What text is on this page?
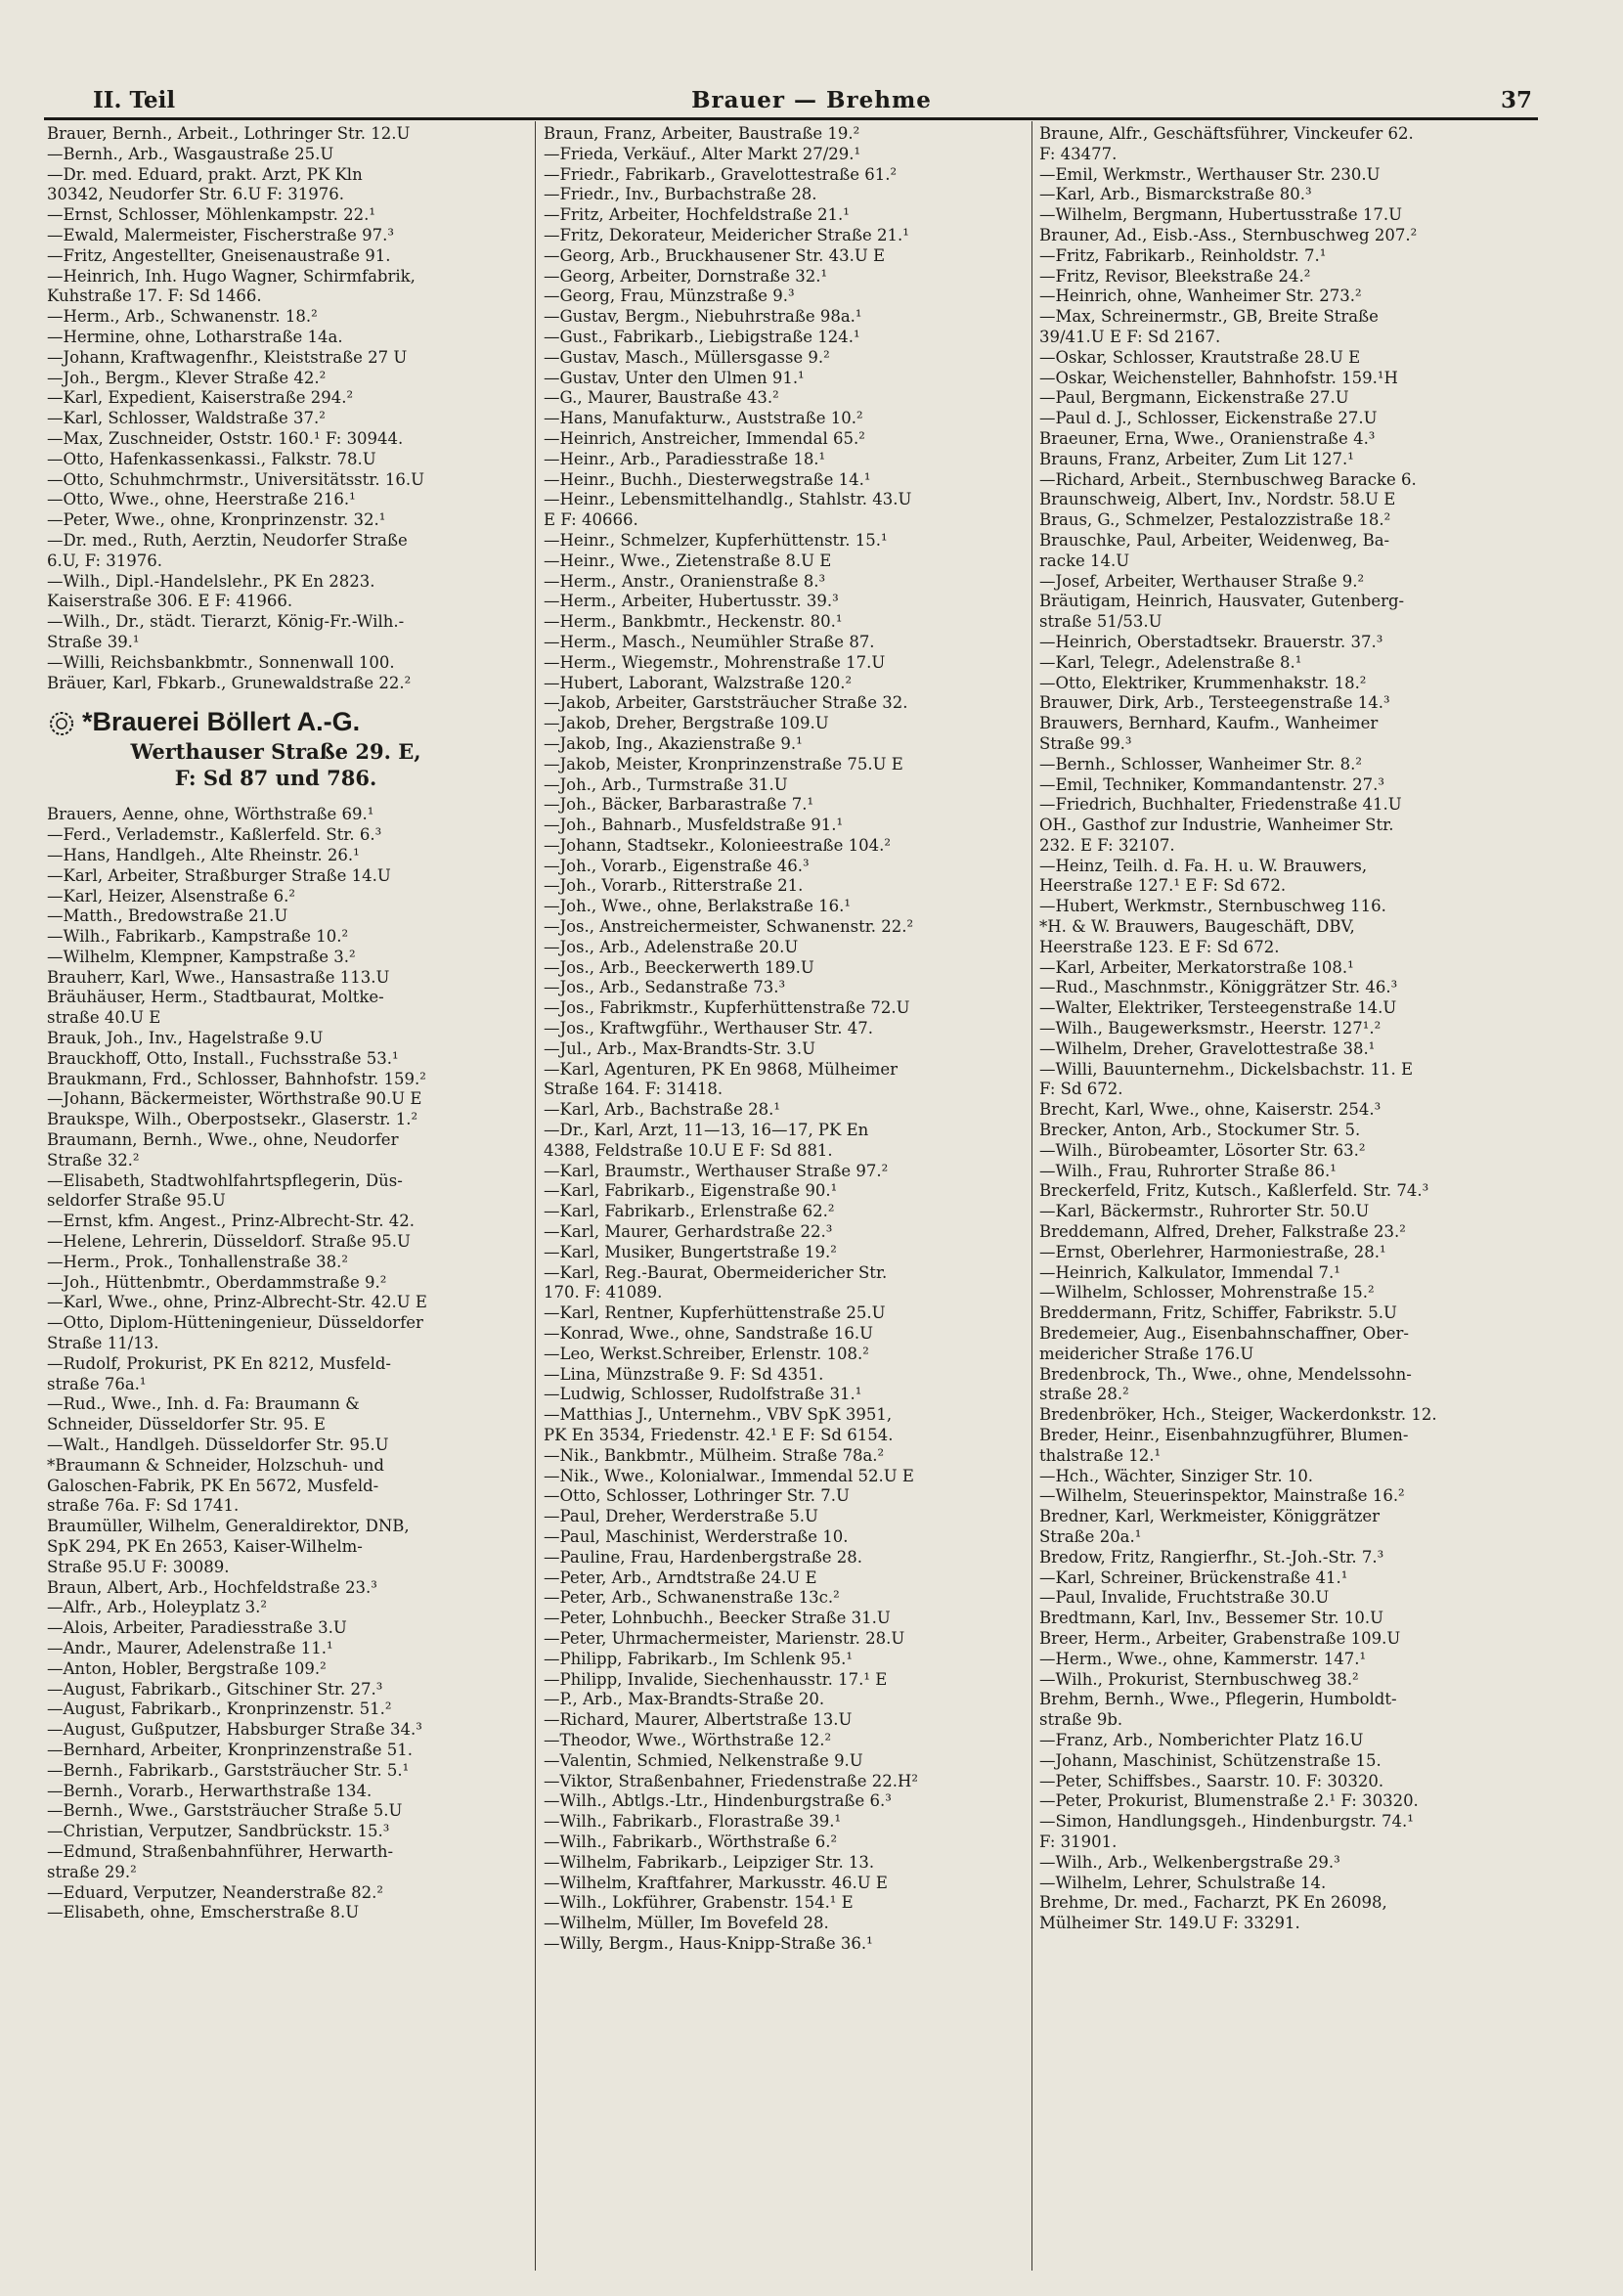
II. Teil	Brauer — Brehme	37
Brauer, Bernh., Arbeit., Lothringer Str. 12.U
—Bernh., Arb., Wasgaustraße 25.U
—Dr. med. Eduard, prakt. Arzt, PK Kln
30342, Neudorfer Str. 6.U F: 31976.
—Ernst, Schlosser, Möhlenkampstr. 22.¹
—Ewald, Malermeister, Fischerstraße 97.³
—Fritz, Angestellter, Gneisenaustraße 91.
—Heinrich, Inh. Hugo Wagner, Schirmfabrik,
Kuhstraße 17. F: Sd 1466.
—Herm., Arb., Schwanenstr. 18.²
—Hermine, ohne, Lotharstraße 14a.
—Johann, Kraftwagenfhr., Kleiststraße 27 U
—Joh., Bergm., Klever Straße 42.²
—Karl, Expedient, Kaiserstraße 294.²
—Karl, Schlosser, Waldstraße 37.²
—Max, Zuschneider, Oststr. 160.¹ F: 30944.
—Otto, Hafenkassenkassi., Falkstr. 78.U
—Otto, Schuhmchrmstr., Universitätsstr. 16.U
—Otto, Wwe., ohne, Heerstraße 216.¹
—Peter, Wwe., ohne, Kronprinzenstr. 32.¹
—Dr. med., Ruth, Aerztin, Neudorfer Straße
6.U, F: 31976.
—Wilh., Dipl.-Handelslehr., PK En 2823.
Kaiserstraße 306. E F: 41966.
—Wilh., Dr., städt. Tierarzt, König-Fr.-Wilh.-
Straße 39.¹
—Willi, Reichsbankbmtr., Sonnenwall 100.
Bräuer, Karl, Fbkarb., Grunewaldstraße 22.²
*Brauerei Böllert A.-G.
Werthauser Straße 29. E,
F: Sd 87 und 786.
Brauers, Aenne, ohne, Wörthstraße 69.¹
—Ferd., Verlademstr., Kaßlerfeld. Str. 6.³
—Hans, Handlgeh., Alte Rheinstr. 26.¹
—Karl, Arbeiter, Straßburger Straße 14.U
—Karl, Heizer, Alsenstraße 6.²
—Matth., Bredowstraße 21.U
—Wilh., Fabrikarb., Kampstraße 10.²
—Wilhelm, Klempner, Kampstraße 3.²
Brauherr, Karl, Wwe., Hansastraße 113.U
Bräuhäuser, Herm., Stadtbaurat, Moltke-
straße 40.U E
Brauk, Joh., Inv., Hagelstraße 9.U
Brauckhoff, Otto, Install., Fuchsstraße 53.¹
Braukmann, Frd., Schlosser, Bahnhofstr. 159.²
—Johann, Bäckermeister, Wörthstraße 90.U E
Braukspe, Wilh., Oberpostsekr., Glaserstr. 1.²
Braumann, Bernh., Wwe., ohne, Neudorfer
Straße 32.²
—Elisabeth, Stadtwohlfahrtspflegerin, Düs-
seldorfer Straße 95.U
—Ernst, kfm. Angest., Prinz-Albrecht-Str. 42.
—Helene, Lehrerin, Düsseldorf. Straße 95.U
—Herm., Prok., Tonhallenstraße 38.²
—Joh., Hüttenbmtr., Oberdammstraße 9.²
—Karl, Wwe., ohne, Prinz-Albrecht-Str. 42.U E
—Otto, Diplom-Hütteningenieur, Düsseldorfer
Straße 11/13.
—Rudolf, Prokurist, PK En 8212, Musfeld-
straße 76a.¹
—Rud., Wwe., Inh. d. Fa: Braumann &
Schneider, Düsseldorfer Str. 95. E
—Walt., Handlgeh. Düsseldorfer Str. 95.U
*Braumann & Schneider, Holzschuh- und
Galoschen-Fabrik, PK En 5672, Musfeld-
straße 76a. F: Sd 1741.
Braumüller, Wilhelm, Generaldirektor, DNB,
SpK 294, PK En 2653, Kaiser-Wilhelm-
Straße 95.U F: 30089.
Braun, Albert, Arb., Hochfeldstraße 23.³
—Alfr., Arb., Holeyplatz 3.²
—Alois, Arbeiter, Paradiesstraße 3.U
—Andr., Maurer, Adelenstraße 11.¹
—Anton, Hobler, Bergstraße 109.²
—August, Fabrikarb., Gitschiner Str. 27.³
—August, Fabrikarb., Kronprinzenstr. 51.²
—August, Gußputzer, Habsburger Straße 34.³
—Bernhard, Arbeiter, Kronprinzenstraße 51.
—Bernh., Fabrikarb., Garststräucher Str. 5.¹
—Bernh., Vorarb., Herwarthstraße 134.
—Bernh., Wwe., Garststräucher Straße 5.U
—Christian, Verputzer, Sandbrückstr. 15.³
—Edmund, Straßenbahnführer, Herwarth-
straße 29.²
—Eduard, Verputzer, Neanderstraße 82.²
—Elisabeth, ohne, Emscherstraße 8.U
Braun, Franz, Arbeiter, Baustraße 19.²
—Frieda, Verkäuf., Alter Markt 27/29.¹
—Friedr., Fabrikarb., Gravelottestraße 61.²
—Friedr., Inv., Burbachstraße 28.
—Fritz, Arbeiter, Hochfeldstraße 21.¹
—Fritz, Dekorateur, Meidericher Straße 21.¹
—Georg, Arb., Bruckhausener Str. 43.U E
—Georg, Arbeiter, Dornstraße 32.¹
—Georg, Frau, Münzstraße 9.³
—Gustav, Bergm., Niebuhrstraße 98a.¹
—Gust., Fabrikarb., Liebigstraße 124.¹
—Gustav, Masch., Müllersgasse 9.²
—Gustav, Unter den Ulmen 91.¹
—G., Maurer, Baustraße 43.²
—Hans, Manufakturw., Auststraße 10.²
—Heinrich, Anstreicher, Immendal 65.²
—Heinr., Arb., Paradiesstraße 18.¹
—Heinr., Buchh., Diesterwegstraße 14.¹
—Heinr., Lebensmittelhandlg., Stahlstr. 43.U
E F: 40666.
—Heinr., Schmelzer, Kupferhüttenstr. 15.¹
—Heinr., Wwe., Zietenstraße 8.U E
—Herm., Anstr., Oranienstraße 8.³
—Herm., Arbeiter, Hubertusstr. 39.³
—Herm., Bankbmtr., Heckenstr. 80.¹
—Herm., Masch., Neumühler Straße 87.
—Herm., Wiegemstr., Mohrenstraße 17.U
—Hubert, Laborant, Walzstraße 120.²
—Jakob, Arbeiter, Garststräucher Straße 32.
—Jakob, Dreher, Bergstraße 109.U
—Jakob, Ing., Akazienstraße 9.¹
—Jakob, Meister, Kronprinzenstraße 75.U E
—Joh., Arb., Turmstraße 31.U
—Joh., Bäcker, Barbarastraße 7.¹
—Joh., Bahnarb., Musfeldstraße 91.¹
—Johann, Stadtsekr., Kolonieestraße 104.²
—Joh., Vorarb., Eigenstraße 46.³
—Joh., Vorarb., Ritterstraße 21.
—Joh., Wwe., ohne, Berlakstraße 16.¹
—Jos., Anstreichermeister, Schwanenstr. 22.²
—Jos., Arb., Adelenstraße 20.U
—Jos., Arb., Beeckerwerth 189.U
—Jos., Arb., Sedanstraße 73.³
—Jos., Fabrikmstr., Kupferhüttenstraße 72.U
—Jos., Kraftwgführ., Werthauser Str. 47.
—Jul., Arb., Max-Brandts-Str. 3.U
—Karl, Agenturen, PK En 9868, Mülheimer
Straße 164. F: 31418.
—Karl, Arb., Bachstraße 28.¹
—Dr., Karl, Arzt, 11—13, 16—17, PK En
4388, Feldstraße 10.U E F: Sd 881.
—Karl, Braumstr., Werthauser Straße 97.²
—Karl, Fabrikarb., Eigenstraße 90.¹
—Karl, Fabrikarb., Erlenstraße 62.²
—Karl, Maurer, Gerhardstraße 22.³
—Karl, Musiker, Bungertstraße 19.²
—Karl, Reg.-Baurat, Obermeidericher Str.
170. F: 41089.
—Karl, Rentner, Kupferhüttenstraße 25.U
—Konrad, Wwe., ohne, Sandstraße 16.U
—Leo, Werkst.Schreiber, Erlenstr. 108.²
—Lina, Münzstraße 9. F: Sd 4351.
—Ludwig, Schlosser, Rudolfstraße 31.¹
—Matthias J., Unternehm., VBV SpK 3951,
PK En 3534, Friedenstr. 42.¹ E F: Sd 6154.
—Nik., Bankbmtr., Mülheim. Straße 78a.²
—Nik., Wwe., Kolonialwar., Immendal 52.U E
—Otto, Schlosser, Lothringer Str. 7.U
—Paul, Dreher, Werderstraße 5.U
—Paul, Maschinist, Werderstraße 10.
—Pauline, Frau, Hardenbergstraße 28.
—Peter, Arb., Arndtstraße 24.U E
—Peter, Arb., Schwanenstraße 13c.²
—Peter, Lohnbuchh., Beecker Straße 31.U
—Peter, Uhrmachermeister, Marienstr. 28.U
—Philipp, Fabrikarb., Im Schlenk 95.¹
—Philipp, Invalide, Siechenhausstr. 17.¹ E
—P., Arb., Max-Brandts-Straße 20.
—Richard, Maurer, Albertstraße 13.U
—Theodor, Wwe., Wörthstraße 12.²
—Valentin, Schmied, Nelkenstraße 9.U
—Viktor, Straßenbahner, Friedenstraße 22.H²
—Wilh., Abtlgs.-Ltr., Hindenburgstraße 6.³
—Wilh., Fabrikarb., Florastraße 39.¹
—Wilh., Fabrikarb., Wörthstraße 6.²
—Wilhelm, Fabrikarb., Leipziger Str. 13.
—Wilhelm, Kraftfahrer, Markusstr. 46.U E
—Wilh., Lokführer, Grabenstr. 154.¹ E
—Wilhelm, Müller, Im Bovefeld 28.
—Willy, Bergm., Haus-Knipp-Straße 36.¹
Braune, Alfr., Geschäftsführer, Vinckeufer 62.
F: 43477.
—Emil, Werkmstr., Werthauser Str. 230.U
—Karl, Arb., Bismarckstraße 80.³
—Wilhelm, Bergmann, Hubertusstraße 17.U
Brauner, Ad., Eisb.-Ass., Sternbuschweg 207.²
—Fritz, Fabrikarb., Reinholdstr. 7.¹
—Fritz, Revisor, Bleekstraße 24.²
—Heinrich, ohne, Wanheimer Str. 273.²
—Max, Schreinermstr., GB, Breite Straße
39/41.U E F: Sd 2167.
—Oskar, Schlosser, Krautstraße 28.U E
—Oskar, Weichensteller, Bahnhofstr. 159.¹H
—Paul, Bergmann, Eickenstraße 27.U
—Paul d. J., Schlosser, Eickenstraße 27.U
Braeuner, Erna, Wwe., Oranienstraße 4.³
Brauns, Franz, Arbeiter, Zum Lit 127.¹
—Richard, Arbeit., Sternbuschweg Baracke 6.
Braunschweig, Albert, Inv., Nordstr. 58.U E
Braus, G., Schmelzer, Pestalozzistraße 18.²
Brauschke, Paul, Arbeiter, Weidenweg, Ba-
racke 14.U
—Josef, Arbeiter, Werthauser Straße 9.²
Bräutigam, Heinrich, Hausvater, Gutenberg-
straße 51/53.U
—Heinrich, Oberstadtsekr. Brauerstr. 37.³
—Karl, Telegr., Adelenstraße 8.¹
—Otto, Elektriker, Krummenhakstr. 18.²
Brauwer, Dirk, Arb., Tersteegenstraße 14.³
Brauwers, Bernhard, Kaufm., Wanheimer
Straße 99.³
—Bernh., Schlosser, Wanheimer Str. 8.²
—Emil, Techniker, Kommandantenstr. 27.³
—Friedrich, Buchhalter, Friedenstraße 41.U
OH., Gasthof zur Industrie, Wanheimer Str.
232. E F: 32107.
—Heinz, Teilh. d. Fa. H. u. W. Brauwers,
Heerstraße 127.¹ E F: Sd 672.
—Hubert, Werkmstr., Sternbuschweg 116.
*H. & W. Brauwers, Baugeschäft, DBV,
Heerstraße 123. E F: Sd 672.
—Karl, Arbeiter, Merkatorstraße 108.¹
—Rud., Maschnmstr., Königgrätzer Str. 46.³
—Walter, Elektriker, Tersteegenstraße 14.U
—Wilh., Baugewerksmstr., Heerstr. 127¹.²
—Wilhelm, Dreher, Gravelottestraße 38.¹
—Willi, Bauunternehm., Dickelsbachstr. 11. E
F: Sd 672.
Brecht, Karl, Wwe., ohne, Kaiserstr. 254.³
Brecker, Anton, Arb., Stockumer Str. 5.
—Wilh., Bürobeamter, Lösorter Str. 63.²
—Wilh., Frau, Ruhrorter Straße 86.¹
Breckerfeld, Fritz, Kutsch., Kaßlerfeld. Str. 74.³
—Karl, Bäckermstr., Ruhrorter Str. 50.U
Breddemann, Alfred, Dreher, Falkstraße 23.²
—Ernst, Oberlehrer, Harmoniestraße, 28.¹
—Heinrich, Kalkulator, Immendal 7.¹
—Wilhelm, Schlosser, Mohrenstraße 15.²
Breddermann, Fritz, Schiffer, Fabrikstr. 5.U
Bredemeier, Aug., Eisenbahnschaffner, Ober-
meidericher Straße 176.U
Bredenbrock, Th., Wwe., ohne, Mendelssohn-
straße 28.²
Bredenbröker, Hch., Steiger, Wackerdonkstr. 12.
Breder, Heinr., Eisenbahnzugführer, Blumen-
thalstraße 12.¹
—Hch., Wächter, Sinziger Str. 10.
—Wilhelm, Steuerinspektor, Mainstraße 16.²
Bredner, Karl, Werkmeister, Königgrätzer
Straße 20a.¹
Bredow, Fritz, Rangierfhr., St.-Joh.-Str. 7.³
—Karl, Schreiner, Brückenstraße 41.¹
—Paul, Invalide, Fruchtstraße 30.U
Bredtmann, Karl, Inv., Bessemer Str. 10.U
Breer, Herm., Arbeiter, Grabenstraße 109.U
—Herm., Wwe., ohne, Kammerstr. 147.¹
—Wilh., Prokurist, Sternbuschweg 38.²
Brehm, Bernh., Wwe., Pflegerin, Humboldt-
straße 9b.
—Franz, Arb., Nomberichter Platz 16.U
—Johann, Maschinist, Schützenstraße 15.
—Peter, Schiffsbes., Saarstr. 10. F: 30320.
—Peter, Prokurist, Blumenstraße 2.¹ F: 30320.
—Simon, Handlungsgeh., Hindenburgstr. 74.¹
F: 31901.
—Wilh., Arb., Welkenbergstraße 29.³
—Wilhelm, Lehrer, Schulstraße 14.
Brehme, Dr. med., Facharzt, PK En 26098,
Mülheimer Str. 149.U F: 33291.
